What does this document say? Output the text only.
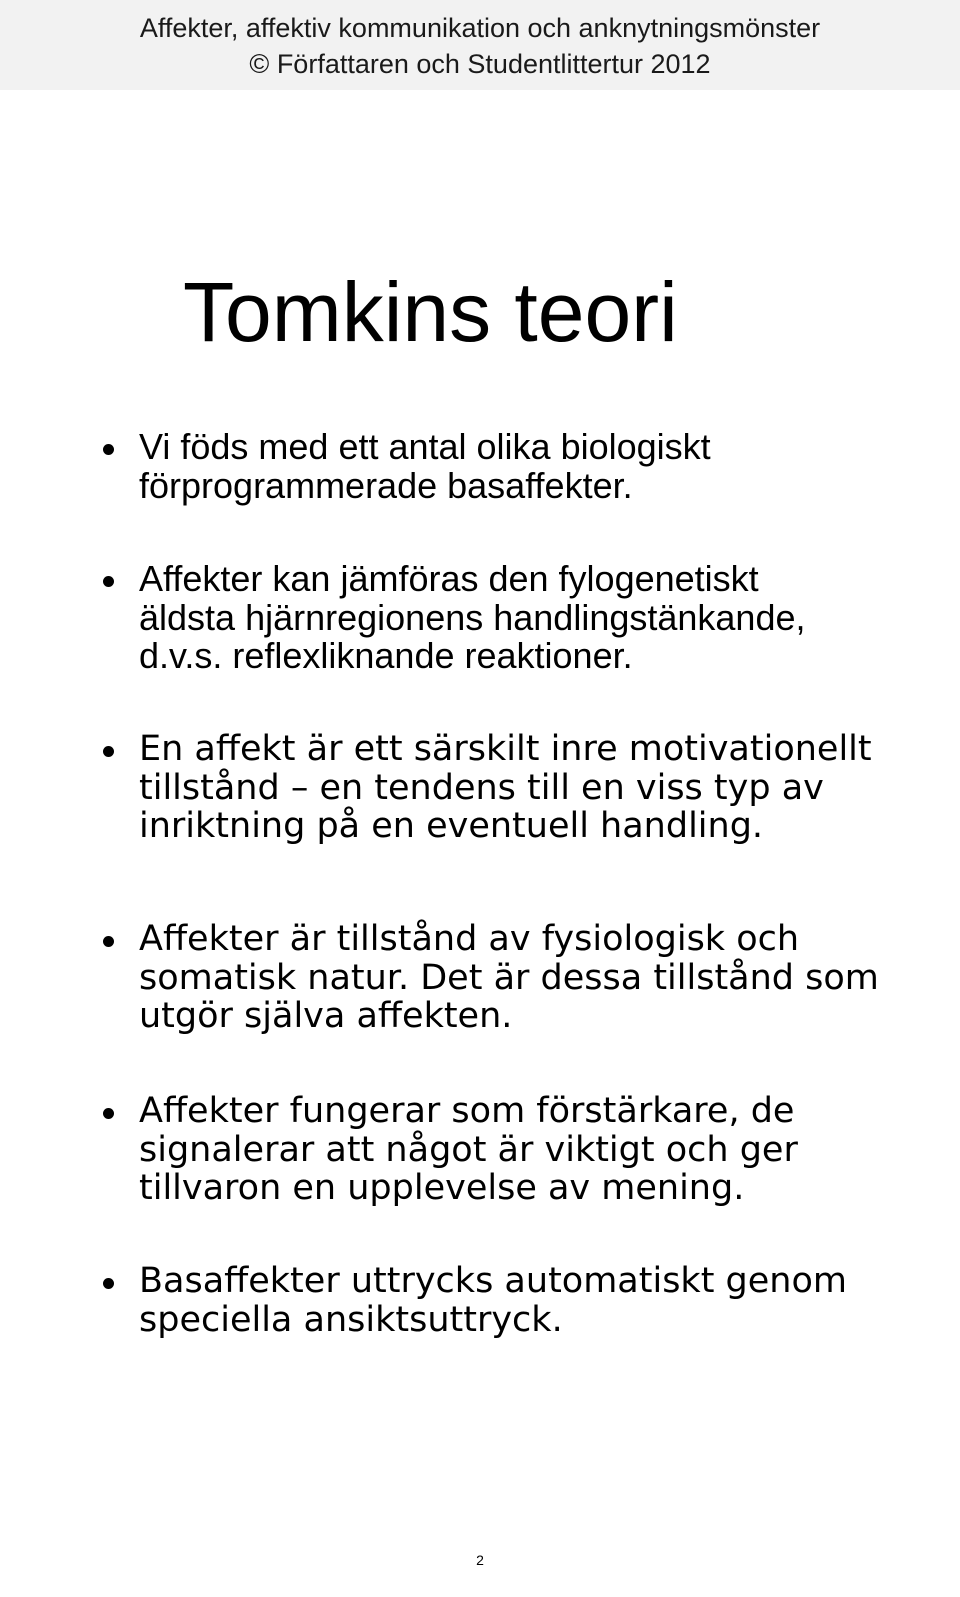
Affekter, affektiv kommunikation och anknytningsmönster
© Författaren och Studentlittertur 2012
Tomkins teori
Vi föds med ett antal olika biologiskt
förprogrammerade basaffekter.
Affekter kan jämföras den fylogenetiskt
äldsta hjärnregionens handlingstänkande,
d.v.s. reflexliknande reaktioner.
En affekt är ett särskilt inre motivationellt
tillstånd – en tendens till en viss typ av
inriktning på en eventuell handling.
Affekter är tillstånd av fysiologisk och
somatisk natur. Det är dessa tillstånd som
utgör själva affekten.
Affekter fungerar som förstärkare, de
signalerar att något är viktigt och ger
tillvaron en upplevelse av mening.
Basaffekter uttrycks automatiskt genom
speciella ansiktsuttryck.
2
